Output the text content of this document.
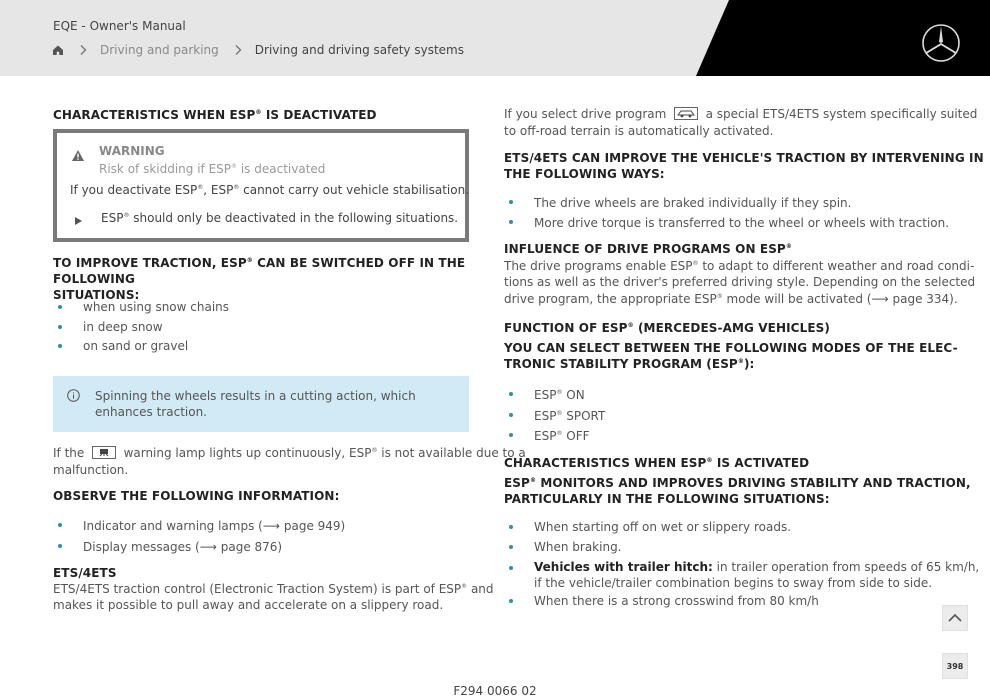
EQE - Owner's Manual
Driving and parking	Driving and driving safety systems
CHARACTERISTICS WHEN ESP® IS DEACTIVATED
WARNING
Risk of skidding if ESP® is deactivated
If you deactivate ESP®, ESP® cannot carry out vehicle stabilisation.
ESP® should only be deactivated in the following situations.
TO IMPROVE TRACTION, ESP® CAN BE SWITCHED OFF IN THE FOLLOWING
SITUATIONS:
when using snow chains
in deep snow
on sand or gravel
Spinning the wheels results in a cutting action, which enhances traction.
If the	warning lamp lights up continuously, ESP® is not available due to a
malfunction.
OBSERVE THE FOLLOWING INFORMATION:
Indicator and warning lamps (⟶ page 949)
Display messages (⟶ page 876)
ETS/4ETS
ETS/4ETS traction control (Electronic Traction System) is part of ESP® and
makes it possible to pull away and accelerate on a slippery road.
If you select drive program	a special ETS/4ETS system specifically suited
to off-road terrain is automatically activated.
ETS/4ETS CAN IMPROVE THE VEHICLE'S TRACTION BY INTERVENING IN
THE FOLLOWING WAYS:
The drive wheels are braked individually if they spin.
More drive torque is transferred to the wheel or wheels with traction.
INFLUENCE OF DRIVE PROGRAMS ON ESP®
The drive programs enable ESP® to adapt to different weather and road condi-
tions as well as the driver's preferred driving style. Depending on the selected
drive program, the appropriate ESP® mode will be activated (⟶ page 334).
FUNCTION OF ESP® (MERCEDES-AMG VEHICLES)
YOU CAN SELECT BETWEEN THE FOLLOWING MODES OF THE ELEC-
TRONIC STABILITY PROGRAM (ESP®):
ESP® ON
ESP® SPORT
ESP® OFF
CHARACTERISTICS WHEN ESP® IS ACTIVATED
ESP® MONITORS AND IMPROVES DRIVING STABILITY AND TRACTION,
PARTICULARLY IN THE FOLLOWING SITUATIONS:
When starting off on wet or slippery roads.
When braking.
Vehicles with trailer hitch: in trailer operation from speeds of 65 km/h,
if the vehicle/trailer combination begins to sway from side to side.
When there is a strong crosswind from 80 km/h
398
F294 0066 02
